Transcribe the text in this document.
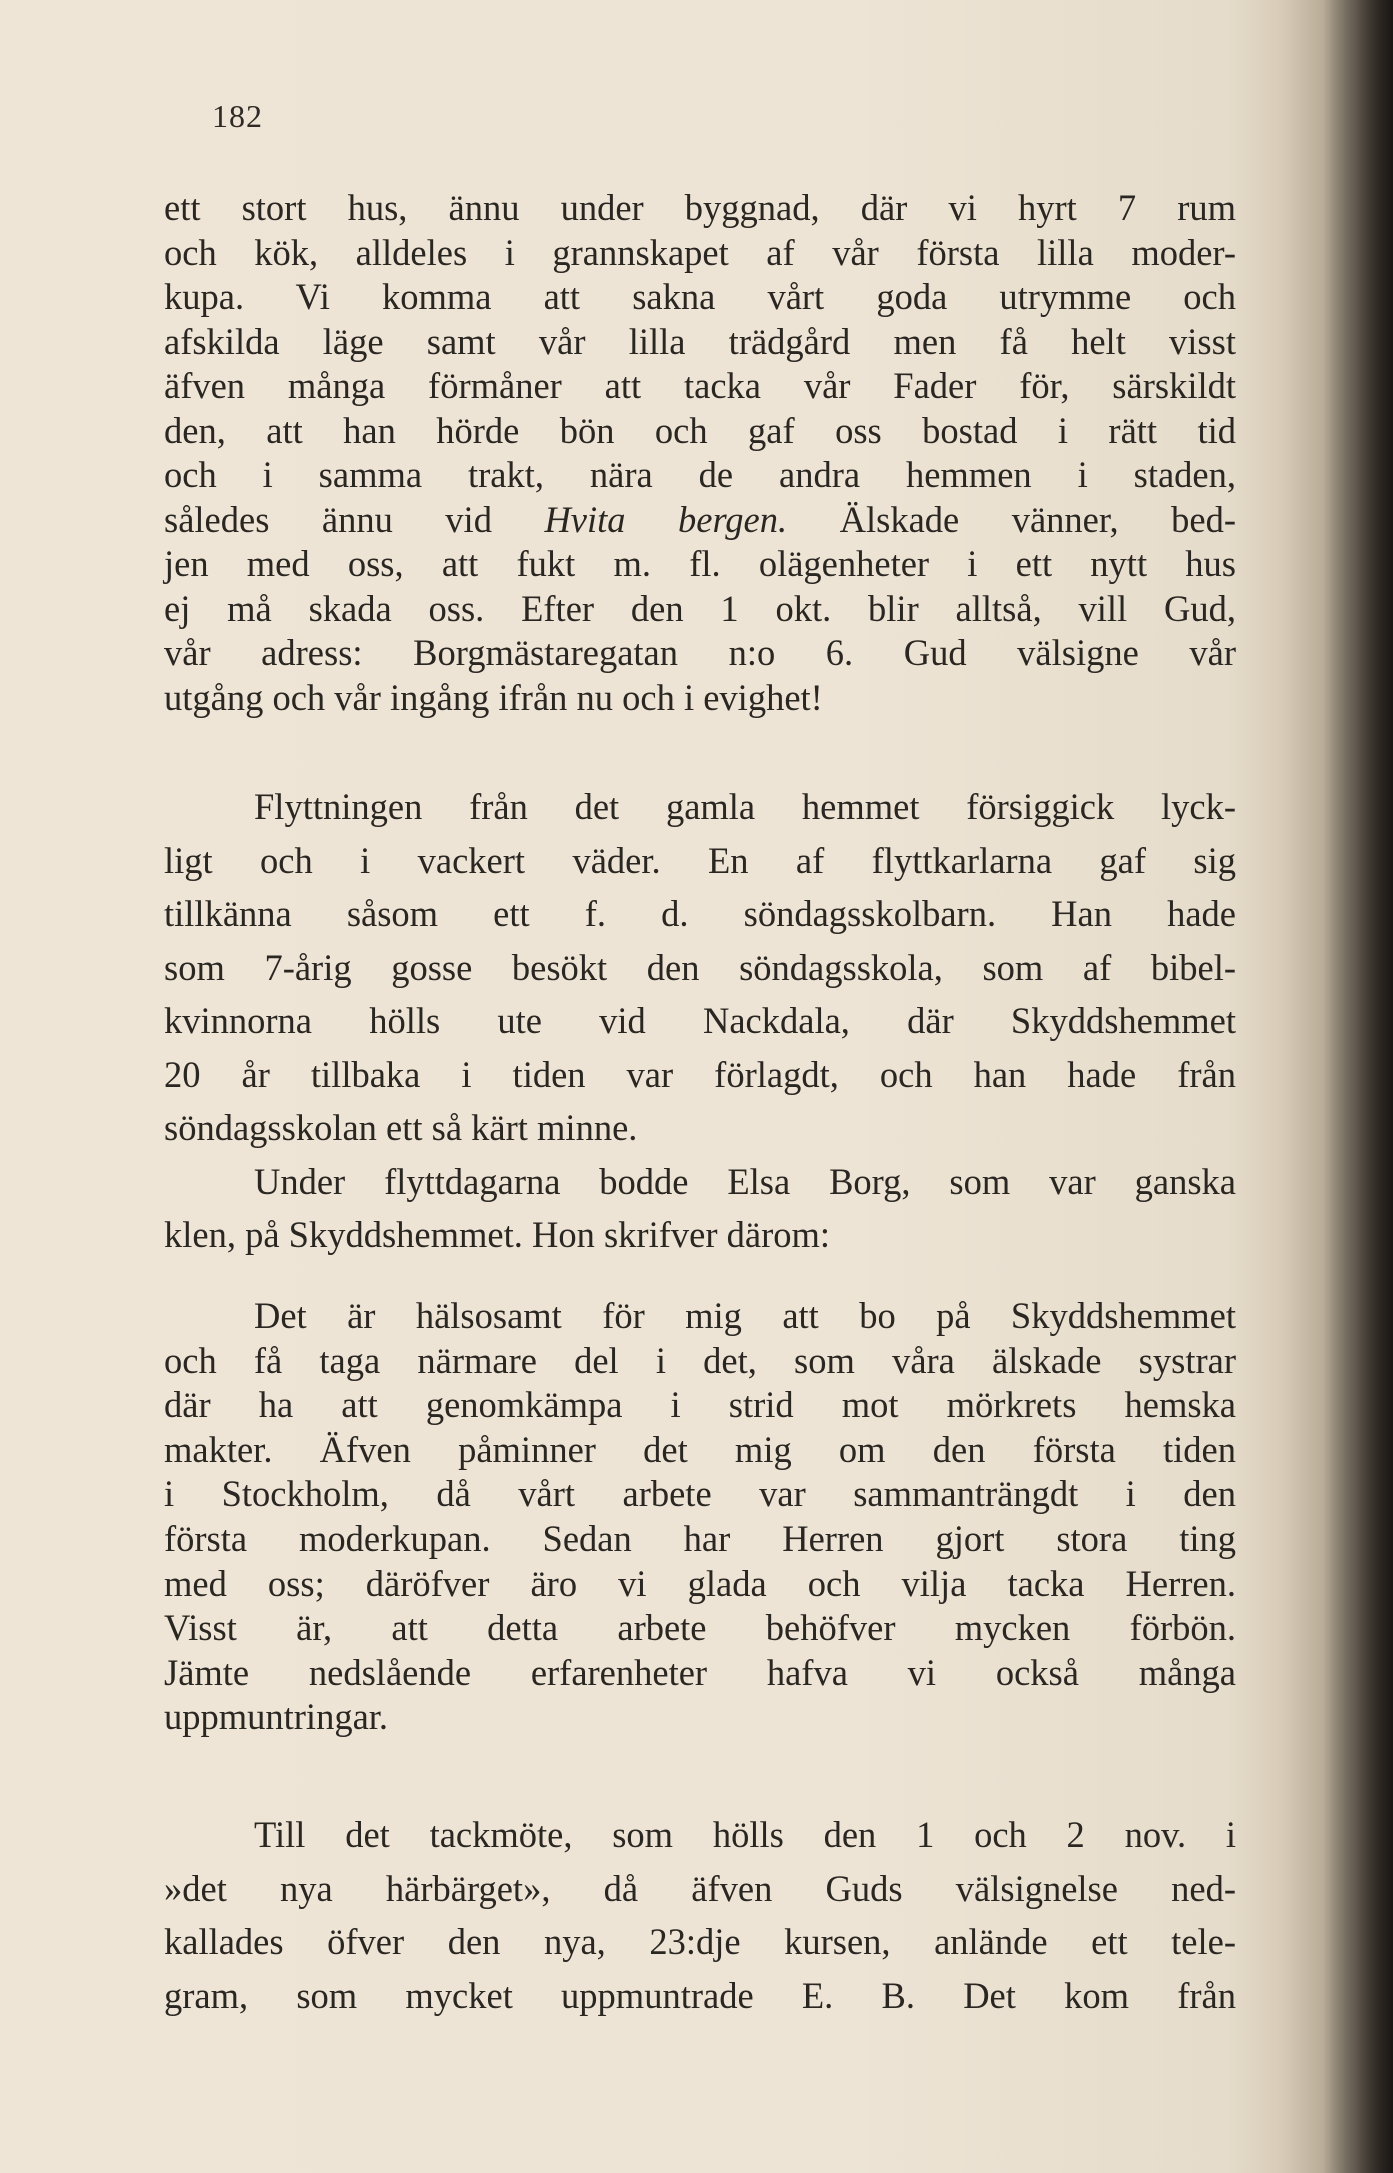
182
ett stort hus, ännu under byggnad, där vi hyrt 7 rum
och kök, alldeles i grannskapet af vår första lilla moder-
kupa. Vi komma att sakna vårt goda utrymme och
afskilda läge samt vår lilla trädgård men få helt visst
äfven många förmåner att tacka vår Fader för, särskildt
den, att han hörde bön och gaf oss bostad i rätt tid
och i samma trakt, nära de andra hemmen i staden,
således ännu vid Hvita bergen. Älskade vänner, bed-
jen med oss, att fukt m. fl. olägenheter i ett nytt hus
ej må skada oss. Efter den 1 okt. blir alltså, vill Gud,
vår adress: Borgmästaregatan n:o 6. Gud välsigne vår
utgång och vår ingång ifrån nu och i evighet!
Flyttningen från det gamla hemmet försiggick lyck-
ligt och i vackert väder. En af flyttkarlarna gaf sig
tillkänna såsom ett f. d. söndagsskolbarn. Han hade
som 7-årig gosse besökt den söndagsskola, som af bibel-
kvinnorna hölls ute vid Nackdala, där Skyddshemmet
20 år tillbaka i tiden var förlagdt, och han hade från
söndagsskolan ett så kärt minne.
Under flyttdagarna bodde Elsa Borg, som var ganska
klen, på Skyddshemmet. Hon skrifver därom:
Det är hälsosamt för mig att bo på Skyddshemmet
och få taga närmare del i det, som våra älskade systrar
där ha att genomkämpa i strid mot mörkrets hemska
makter. Äfven påminner det mig om den första tiden
i Stockholm, då vårt arbete var sammanträngdt i den
första moderkupan. Sedan har Herren gjort stora ting
med oss; däröfver äro vi glada och vilja tacka Herren.
Visst är, att detta arbete behöfver mycken förbön.
Jämte nedslående erfarenheter hafva vi också många
uppmuntringar.
Till det tackmöte, som hölls den 1 och 2 nov. i
»det nya härbärget», då äfven Guds välsignelse ned-
kallades öfver den nya, 23:dje kursen, anlände ett tele-
gram, som mycket uppmuntrade E. B. Det kom från
